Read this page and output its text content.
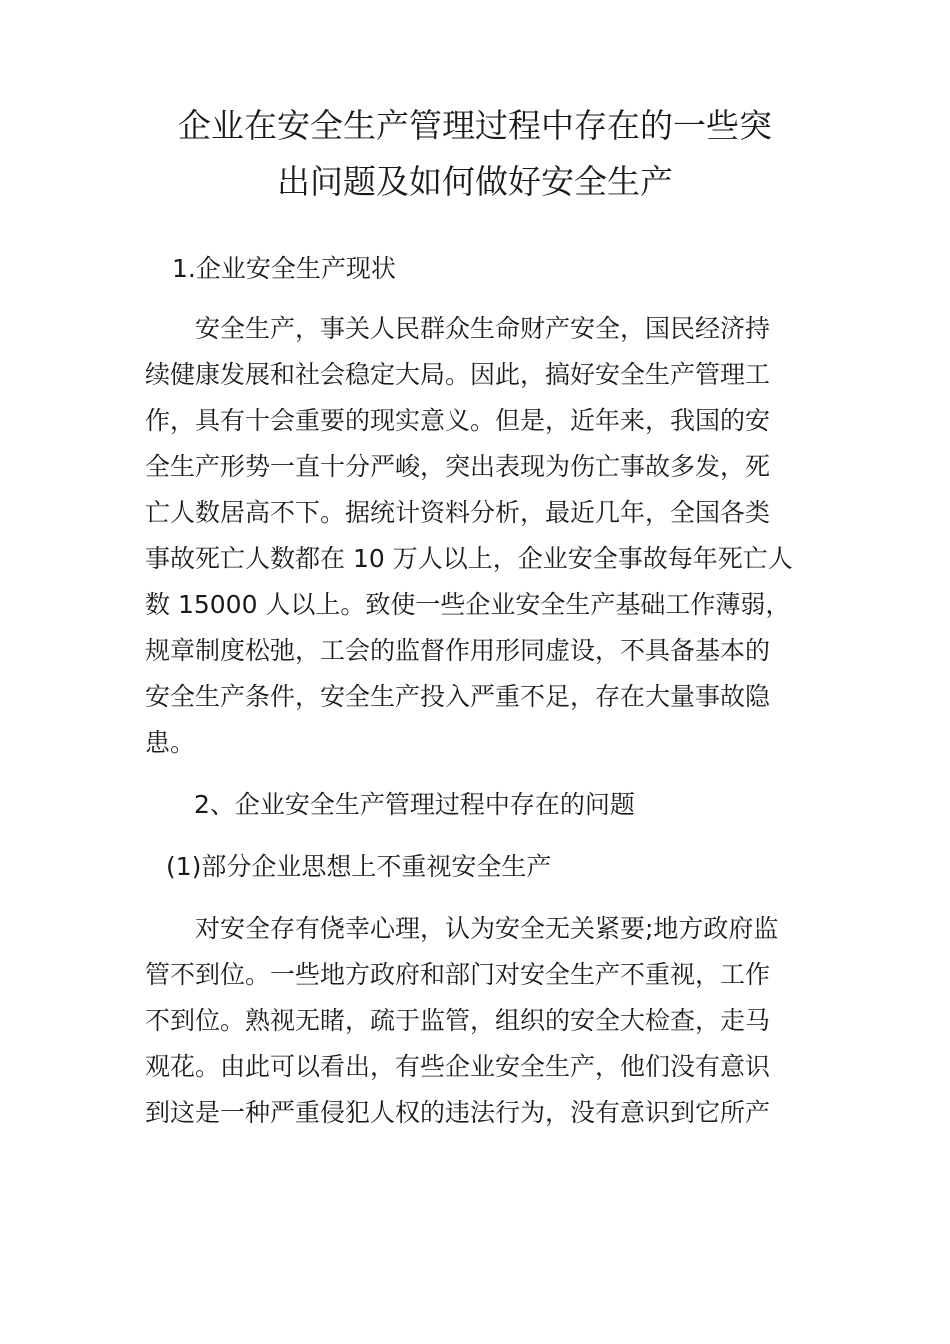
企业在安全生产管理过程中存在的一些突
出问题及如何做好安全生产
1.企业安全生产现状
安全生产，事关人民群众生命财产安全，国民经济持
续健康发展和社会稳定大局。因此，搞好安全生产管理工
作，具有十会重要的现实意义。但是，近年来，我国的安
全生产形势一直十分严峻，突出表现为伤亡事故多发，死
亡人数居高不下。据统计资料分析，最近几年，全国各类
事故死亡人数都在 10 万人以上，企业安全事故每年死亡人
数 15000 人以上。致使一些企业安全生产基础工作薄弱，
规章制度松弛，工会的监督作用形同虚设，不具备基本的
安全生产条件，安全生产投入严重不足，存在大量事故隐
患。
2、企业安全生产管理过程中存在的问题
(1)部分企业思想上不重视安全生产
对安全存有侥幸心理，认为安全无关紧要;地方政府监
管不到位。一些地方政府和部门对安全生产不重视，工作
不到位。熟视无睹，疏于监管，组织的安全大检查，走马
观花。由此可以看出，有些企业安全生产，他们没有意识
到这是一种严重侵犯人权的违法行为，没有意识到它所产
